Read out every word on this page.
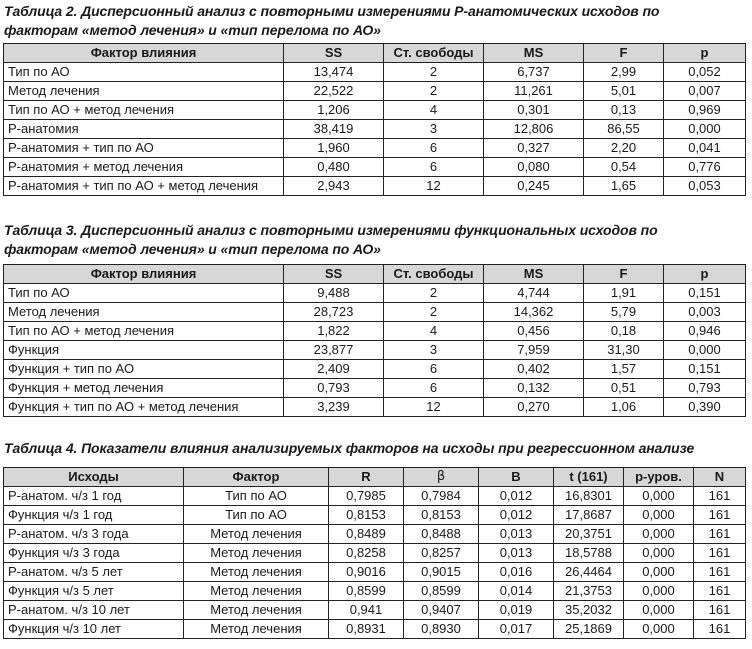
Таблица 2. Дисперсионный анализ с повторными измерениями Р-анатомических исходов по
факторам «метод лечения» и «тип перелома по АО»
Фактор влияния	SS	Ст. свободы	MS	F	p
Тип по АО	13,474	2	6,737	2,99	0,052
Метод лечения	22,522	2	11,261	5,01	0,007
Тип по АО + метод лечения	1,206	4	0,301	0,13	0,969
Р-анатомия	38,419	3	12,806	86,55	0,000
Р-анатомия + тип по АО	1,960	6	0,327	2,20	0,041
Р-анатомия + метод лечения	0,480	6	0,080	0,54	0,776
Р-анатомия + тип по АО + метод лечения	2,943	12	0,245	1,65	0,053
Таблица 3. Дисперсионный анализ с повторными измерениями функциональных исходов по
факторам «метод лечения» и «тип перелома по АО»
Фактор влияния	SS	Ст. свободы	MS	F	p
Тип по АО	9,488	2	4,744	1,91	0,151
Метод лечения	28,723	2	14,362	5,79	0,003
Тип по АО + метод лечения	1,822	4	0,456	0,18	0,946
Функция	23,877	3	7,959	31,30	0,000
Функция + тип по АО	2,409	6	0,402	1,57	0,151
Функция + метод лечения	0,793	6	0,132	0,51	0,793
Функция + тип по АО + метод лечения	3,239	12	0,270	1,06	0,390
Таблица 4. Показатели влияния анализируемых факторов на исходы при регрессионном анализе
Исходы	Фактор	R	β	B	t (161)	p-уров.	N
Р-анатом. ч/з 1 год	Тип по АО	0,7985	0,7984	0,012	16,8301	0,000	161
Функция ч/з 1 год	Тип по АО	0,8153	0,8153	0,012	17,8687	0,000	161
Р-анатом. ч/з 3 года	Метод лечения	0,8489	0,8488	0,013	20,3751	0,000	161
Функция ч/з 3 года	Метод лечения	0,8258	0,8257	0,013	18,5788	0,000	161
Р-анатом. ч/з 5 лет	Метод лечения	0,9016	0,9015	0,016	26,4464	0,000	161
Функция ч/з 5 лет	Метод лечения	0,8599	0,8599	0,014	21,3753	0,000	161
Р-анатом. ч/з 10 лет	Метод лечения	0,941	0,9407	0,019	35,2032	0,000	161
Функция ч/з 10 лет	Метод лечения	0,8931	0,8930	0,017	25,1869	0,000	161
